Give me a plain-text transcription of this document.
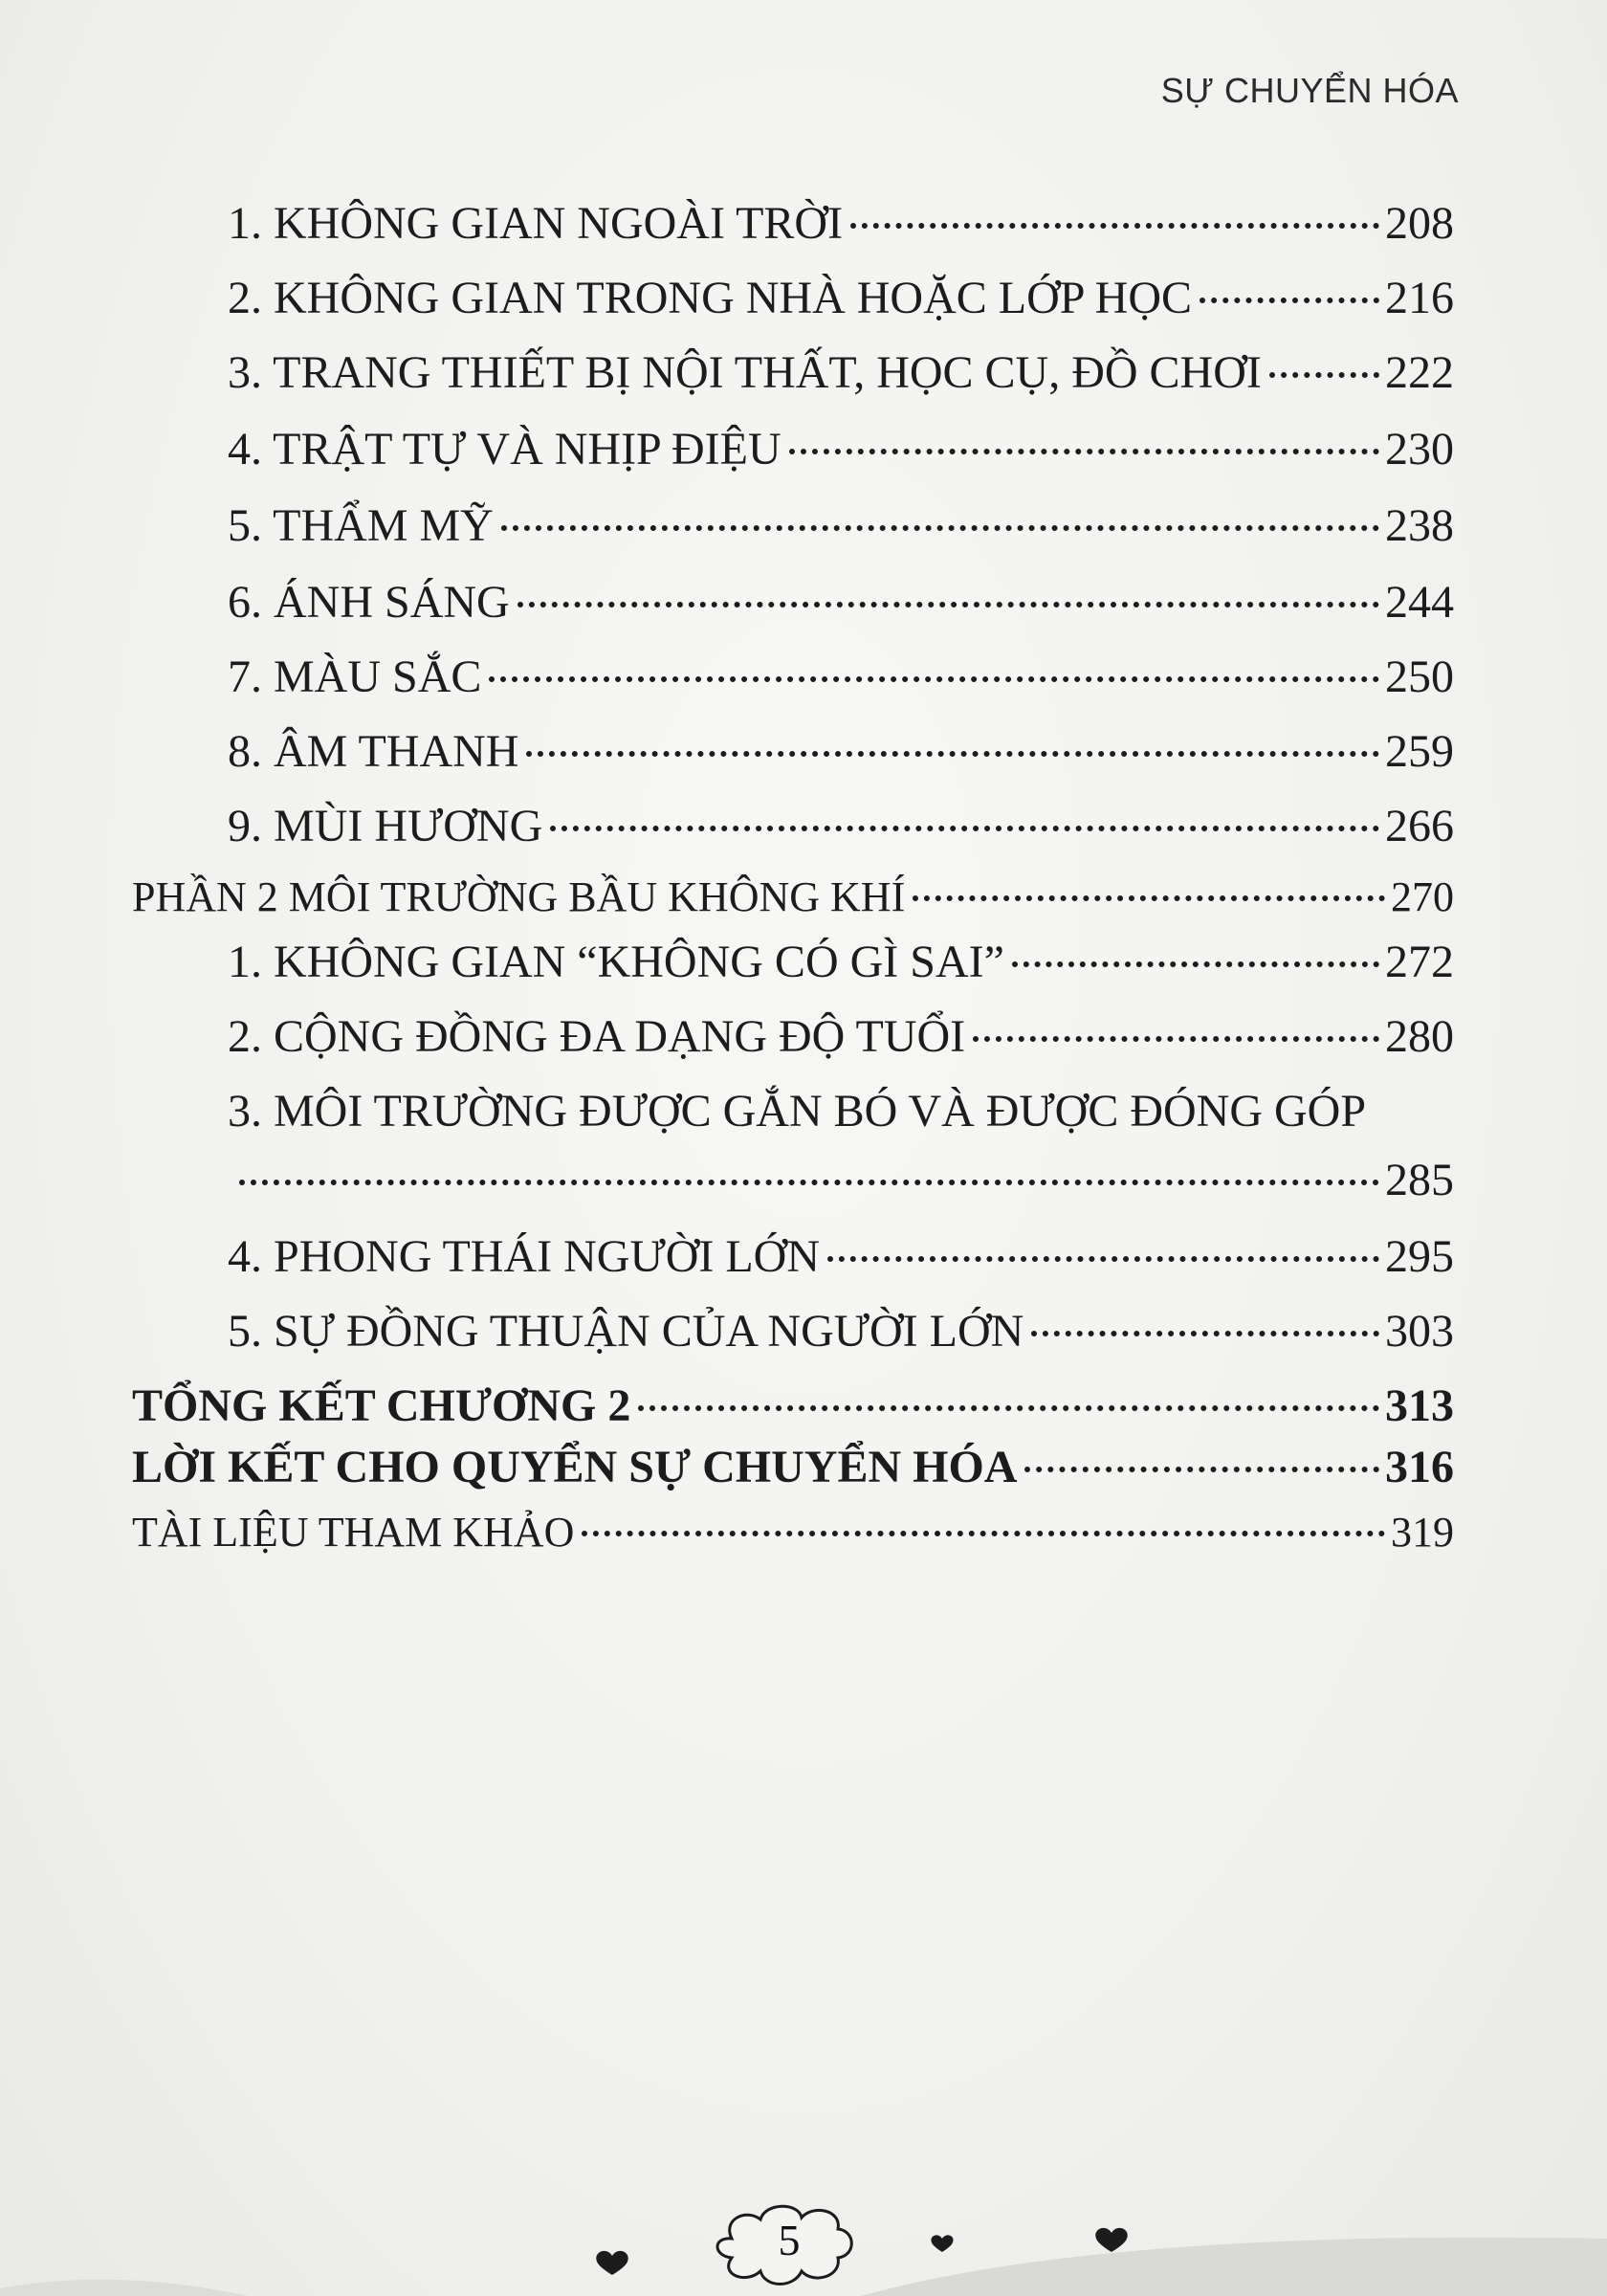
SỰ CHUYỂN HÓA
1. KHÔNG GIAN NGOÀI TRỜI	208
2. KHÔNG GIAN TRONG NHÀ HOẶC LỚP HỌC	216
3. TRANG THIẾT BỊ NỘI THẤT, HỌC CỤ, ĐỒ CHƠI	222
4. TRẬT TỰ VÀ NHỊP ĐIỆU	230
5. THẨM MỸ	238
6. ÁNH SÁNG	244
7. MÀU SẮC	250
8. ÂM THANH	259
9. MÙI HƯƠNG	266
PHẦN 2 MÔI TRƯỜNG BẦU KHÔNG KHÍ	270
1. KHÔNG GIAN “KHÔNG CÓ GÌ SAI”	272
2. CỘNG ĐỒNG ĐA DẠNG ĐỘ TUỔI	280
3. MÔI TRƯỜNG ĐƯỢC GẮN BÓ VÀ ĐƯỢC ĐÓNG GÓP
285
4. PHONG THÁI NGƯỜI LỚN	295
5. SỰ ĐỒNG THUẬN CỦA NGƯỜI LỚN	303
TỔNG KẾT CHƯƠNG 2	313
LỜI KẾT CHO QUYỂN SỰ CHUYỂN HÓA	316
TÀI LIỆU THAM KHẢO	319
5
